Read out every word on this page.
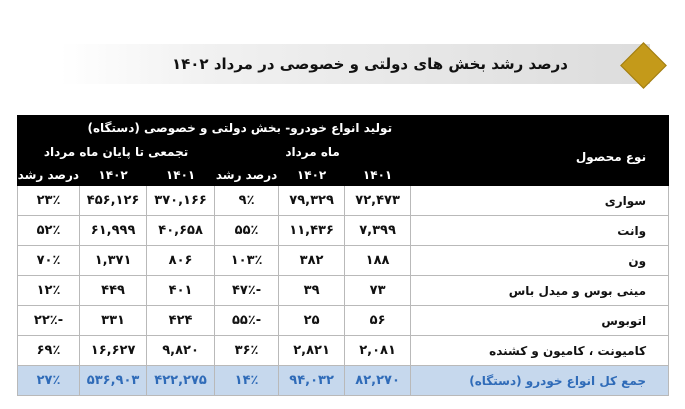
درصد رشد بخش های دولتی و خصوصی در مرداد ۱۴۰۲
نوع محصول	تولید انواع خودرو- بخش دولتی و خصوصی (دستگاه)					
	ماه مرداد			تجمعی تا پایان ماه مرداد		
	۱۴۰۱	۱۴۰۲	درصد رشد	۱۴۰۱	۱۴۰۲	درصد رشد
سواری	۷۲,۴۷۳	۷۹,۳۲۹	۹٪	۳۷۰,۱۶۶	۴۵۶,۱۲۶	۲۳٪
وانت	۷,۳۹۹	۱۱,۴۳۶	۵۵٪	۴۰,۶۵۸	۶۱,۹۹۹	۵۲٪
ون	۱۸۸	۳۸۲	۱۰۳٪	۸۰۶	۱,۳۷۱	۷۰٪
مینی بوس و میدل باس	۷۳	۳۹	-۴۷٪	۴۰۱	۴۴۹	۱۲٪
اتوبوس	۵۶	۲۵	-۵۵٪	۴۲۴	۳۳۱	-۲۲٪
کامیونت ، کامیون و کشنده	۲,۰۸۱	۲,۸۲۱	۳۶٪	۹,۸۲۰	۱۶,۶۲۷	۶۹٪
جمع کل انواع خودرو (دستگاه)	۸۲,۲۷۰	۹۴,۰۳۲	۱۴٪	۴۲۲,۲۷۵	۵۳۶,۹۰۳	۲۷٪
